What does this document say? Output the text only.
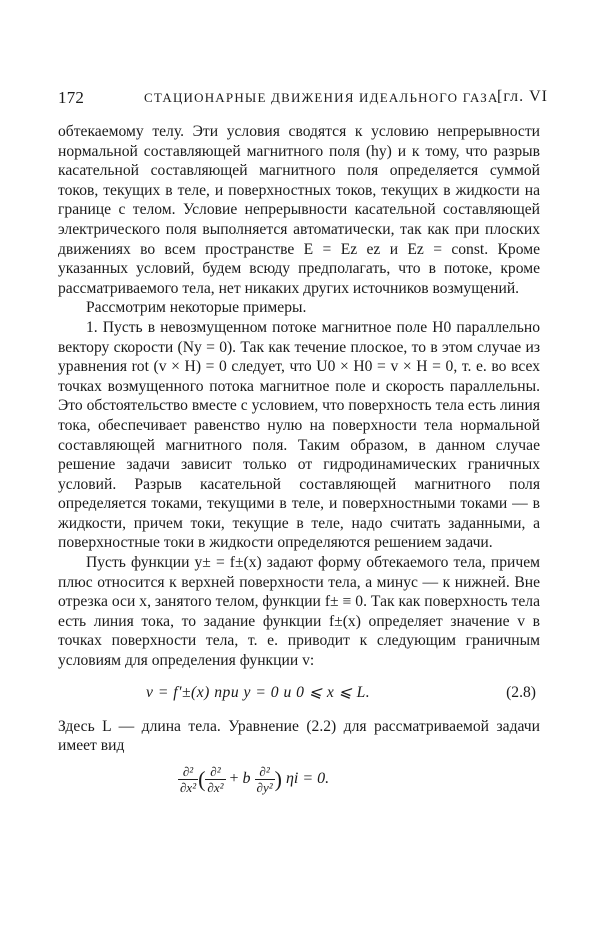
172	СТАЦИОНАРНЫЕ ДВИЖЕНИЯ ИДЕАЛЬНОГО ГАЗА
[гл. VI

обтекаемому телу. Эти условия сводятся к условию непрерывности нормальной составляющей магнитного поля (hy) и к тому, что разрыв касательной составляющей магнитного поля определяется суммой токов, текущих в теле, и поверхностных токов, текущих в жидкости на границе с телом. Условие непрерывности касательной составляющей электрического поля выполняется автоматически, так как при плоских движениях во всем пространстве E = Ez ez и Ez = const. Кроме указанных условий, будем всюду предполагать, что в потоке, кроме рассматриваемого тела, нет никаких других источников возмущений.

Рассмотрим некоторые примеры.

1. Пусть в невозмущенном потоке магнитное поле H0 параллельно вектору скорости (Ny = 0). Так как течение плоское, то в этом случае из уравнения rot (v × H) = 0 следует, что U0 × H0 = v × H = 0, т. е. во всех точках возмущенного потока магнитное поле и скорость параллельны. Это обстоятельство вместе с условием, что поверхность тела есть линия тока, обеспечивает равенство нулю на поверхности тела нормальной составляющей магнитного поля. Таким образом, в данном случае решение задачи зависит только от гидродинамических граничных условий. Разрыв касательной составляющей магнитного поля определяется токами, текущими в теле, и поверхностными токами — в жидкости, причем токи, текущие в теле, надо считать заданными, а поверхностные токи в жидкости определяются решением задачи.

Пусть функции y± = f±(x) задают форму обтекаемого тела, причем плюс относится к верхней поверхности тела, а минус — к нижней. Вне отрезка оси x, занятого телом, функции f± ≡ 0. Так как поверхность тела есть линия тока, то задание функции f±(x) определяет значение v в точках поверхности тела, т. е. приводит к следующим граничным условиям для определения функции v:

v = f′±(x) при y = 0 и 0 ⩽ x ⩽ L.	(2.8)

Здесь L — длина тела. Уравнение (2.2) для рассматриваемой задачи имеет вид

$\frac{\text{∂²}}{\text{∂x²}}$ ( $\frac{\text{∂²}}{\text{∂x²}} + b \frac{\text{∂²}}{\text{∂y²}}$ ) ηi = 0.
